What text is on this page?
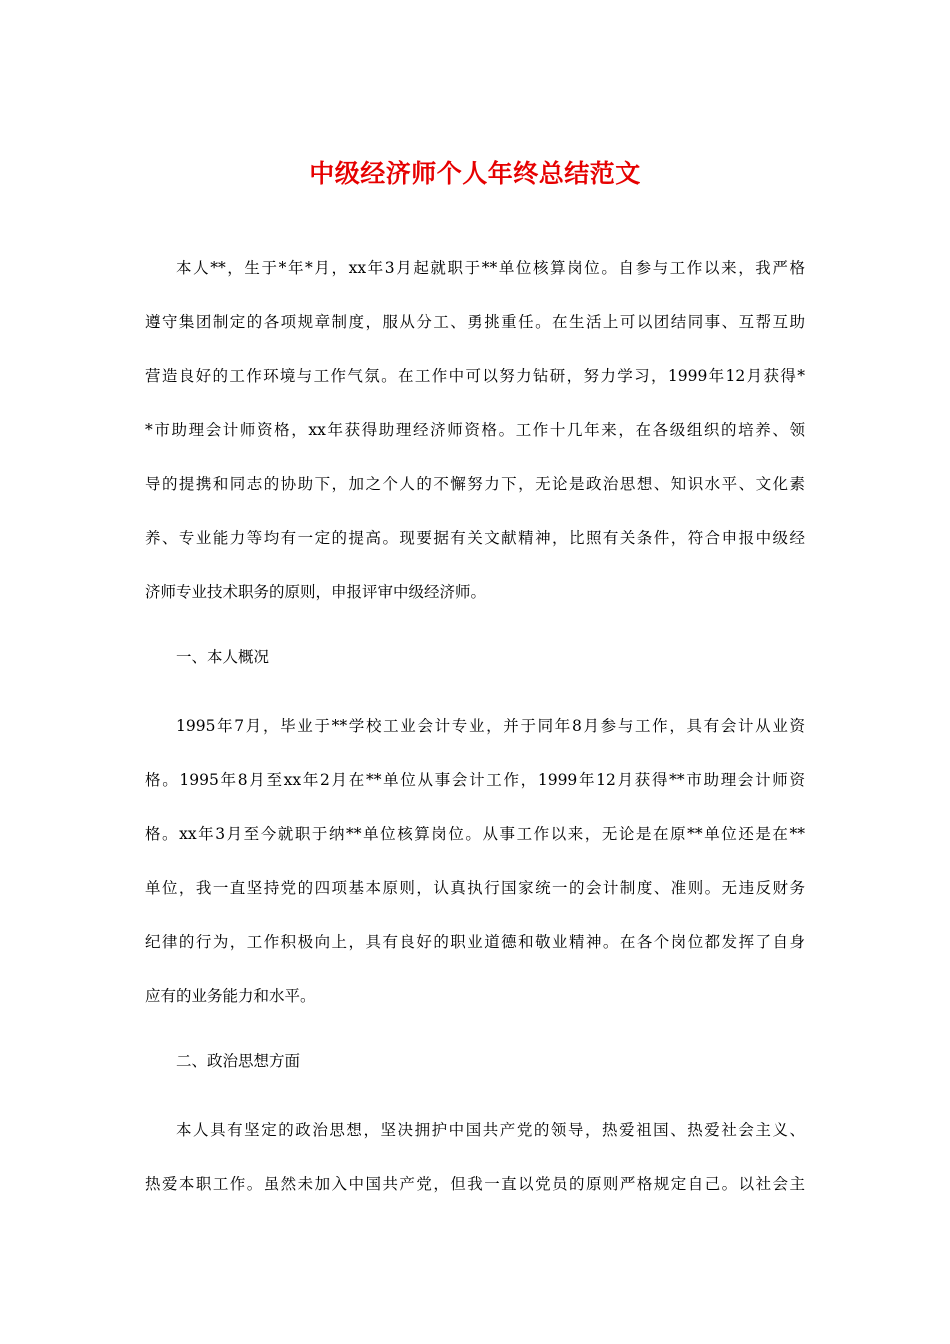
中级经济师个人年终总结范文
本人**，生于*年*月，xx年3月起就职于**单位核算岗位。自参与工作以来，我严格
遵守集团制定的各项规章制度，服从分工、勇挑重任。在生活上可以团结同事、互帮互助
营造良好的工作环境与工作气氛。在工作中可以努力钻研，努力学习，1999年12月获得*
*市助理会计师资格，xx年获得助理经济师资格。工作十几年来，在各级组织的培养、领
导的提携和同志的协助下，加之个人的不懈努力下，无论是政治思想、知识水平、文化素
养、专业能力等均有一定的提高。现要据有关文献精神，比照有关条件，符合申报中级经
济师专业技术职务的原则，申报评审中级经济师。
一、本人概况
1995年7月，毕业于**学校工业会计专业，并于同年8月参与工作，具有会计从业资
格。1995年8月至xx年2月在**单位从事会计工作，1999年12月获得**市助理会计师资
格。xx年3月至今就职于纳**单位核算岗位。从事工作以来，无论是在原**单位还是在**
单位，我一直坚持党的四项基本原则，认真执行国家统一的会计制度、准则。无违反财务
纪律的行为，工作积极向上，具有良好的职业道德和敬业精神。在各个岗位都发挥了自身
应有的业务能力和水平。
二、政治思想方面
本人具有坚定的政治思想，坚决拥护中国共产党的领导，热爱祖国、热爱社会主义、
热爱本职工作。虽然未加入中国共产党，但我一直以党员的原则严格规定自己。以社会主
